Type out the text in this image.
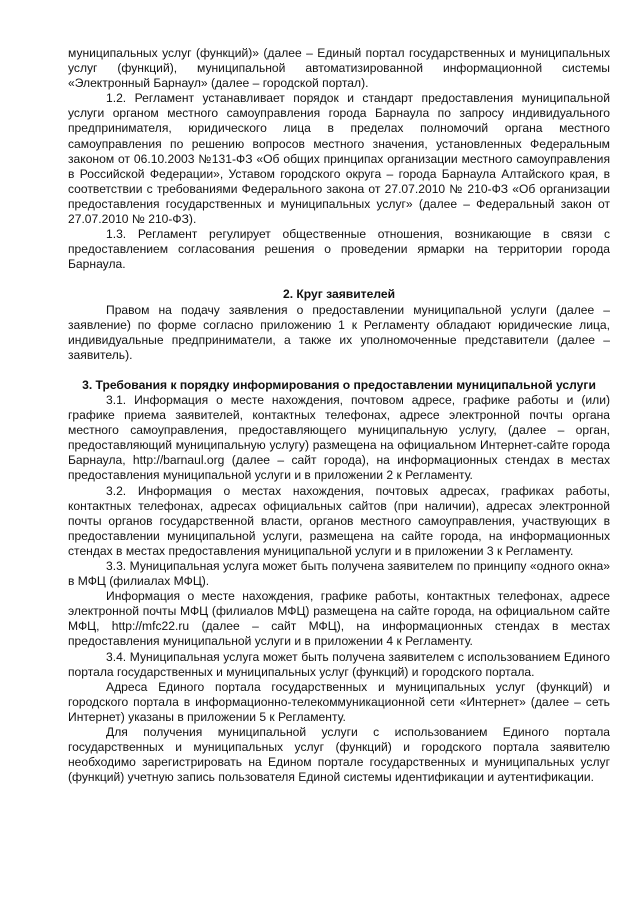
муниципальных услуг (функций)» (далее – Единый портал государственных и муниципальных услуг (функций), муниципальной автоматизированной информационной системы «Электронный Барнаул» (далее – городской портал).

1.2. Регламент устанавливает порядок и стандарт предоставления муниципальной услуги органом местного самоуправления города Барнаула по запросу индивидуального предпринимателя, юридического лица в пределах полномочий органа местного самоуправления по решению вопросов местного значения, установленных Федеральным законом от 06.10.2003 №131-ФЗ «Об общих принципах организации местного самоуправления в Российской Федерации», Уставом городского округа – города Барнаула Алтайского края, в соответствии с требованиями Федерального закона от 27.07.2010 № 210-ФЗ «Об организации предоставления государственных и муниципальных услуг» (далее – Федеральный закон от 27.07.2010 № 210-ФЗ).

1.3. Регламент регулирует общественные отношения, возникающие в связи с предоставлением согласования решения о проведении ярмарки на территории города Барнаула.

2. Круг заявителей

Правом на подачу заявления о предоставлении муниципальной услуги (далее – заявление) по форме согласно приложению 1 к Регламенту обладают юридические лица, индивидуальные предприниматели, а также их уполномоченные представители (далее – заявитель).

3. Требования к порядку информирования о предоставлении муниципальной услуги

3.1. Информация о месте нахождения, почтовом адресе, графике работы и (или) графике приема заявителей, контактных телефонах, адресе электронной почты органа местного самоуправления, предоставляющего муниципальную услугу, (далее – орган, предоставляющий муниципальную услугу) размещена на официальном Интернет-сайте города Барнаула, http://barnaul.org (далее – сайт города), на информационных стендах в местах предоставления муниципальной услуги и в приложении 2 к Регламенту.

3.2. Информация о местах нахождения, почтовых адресах, графиках работы, контактных телефонах, адресах официальных сайтов (при наличии), адресах электронной почты органов государственной власти, органов местного самоуправления, участвующих в предоставлении муниципальной услуги, размещена на сайте города, на информационных стендах в местах предоставления муниципальной услуги и в приложении 3 к Регламенту.

3.3. Муниципальная услуга может быть получена заявителем по принципу «одного окна» в МФЦ (филиалах МФЦ).

Информация о месте нахождения, графике работы, контактных телефонах, адресе электронной почты МФЦ (филиалов МФЦ) размещена на сайте города, на официальном сайте МФЦ, http://mfc22.ru (далее – сайт МФЦ), на информационных стендах в местах предоставления муниципальной услуги и в приложении 4 к Регламенту.

3.4. Муниципальная услуга может быть получена заявителем с использованием Единого портала государственных и муниципальных услуг (функций) и городского портала.

Адреса Единого портала государственных и муниципальных услуг (функций) и городского портала в информационно-телекоммуникационной сети «Интернет» (далее – сеть Интернет) указаны в приложении 5 к Регламенту.

Для получения муниципальной услуги с использованием Единого портала государственных и муниципальных услуг (функций) и городского портала заявителю необходимо зарегистрировать на Едином портале государственных и муниципальных услуг (функций) учетную запись пользователя Единой системы идентификации и аутентификации.
